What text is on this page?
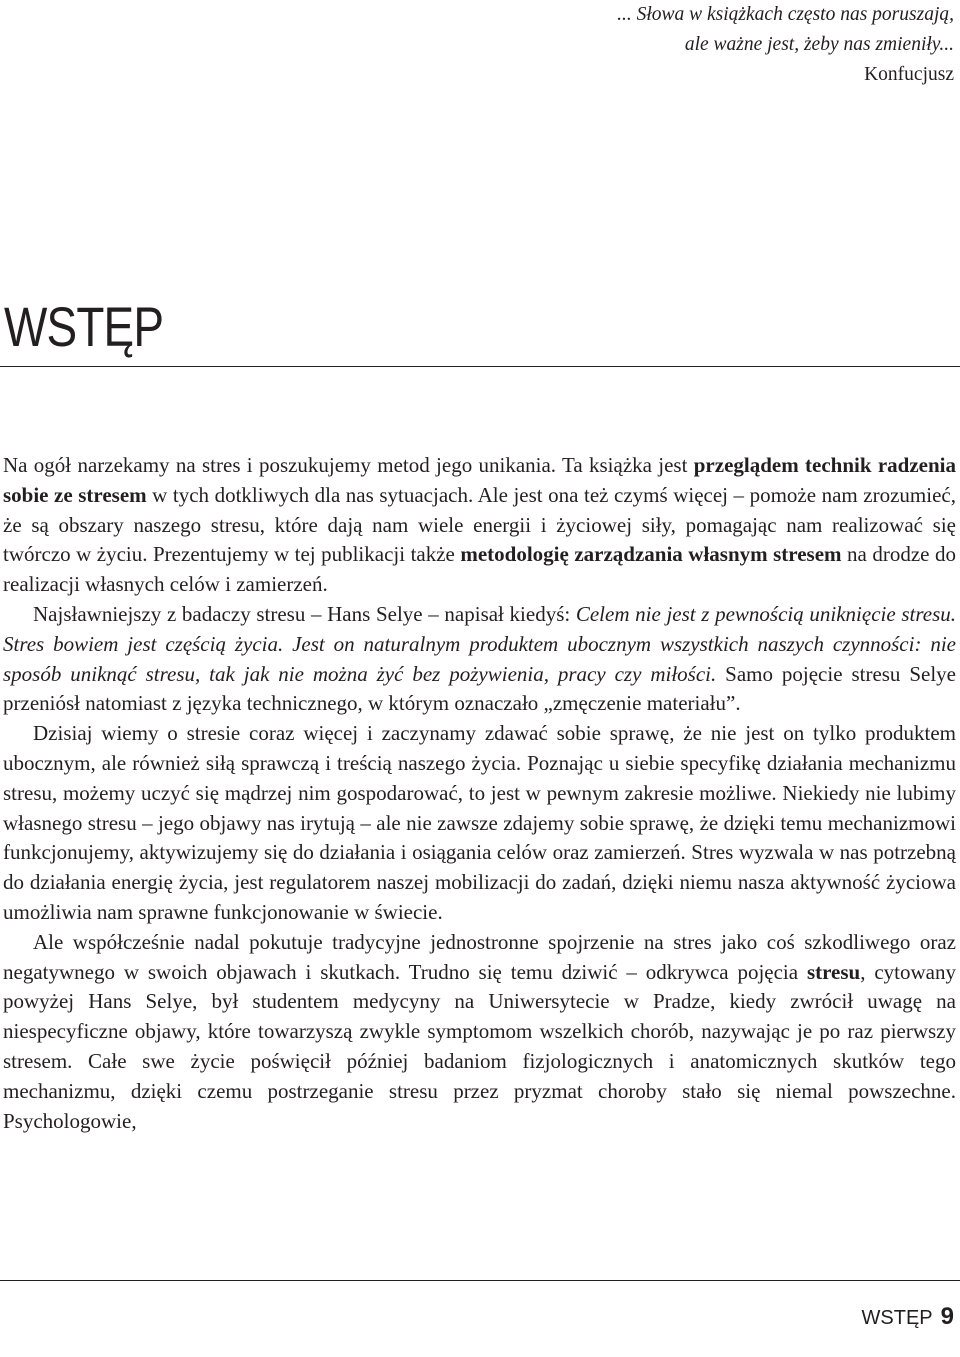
... Słowa w książkach często nas poruszają,
ale ważne jest, żeby nas zmieniły...

Konfucjusz
WSTĘP

Na ogół narzekamy na stres i poszukujemy metod jego unikania. Ta książka jest przeglądem technik radzenia sobie ze stresem w tych dotkliwych dla nas sytuacjach. Ale jest ona też czymś więcej – pomoże nam zrozumieć, że są obszary naszego stresu, które dają nam wiele energii i życiowej siły, pomagając nam realizować się twórczo w życiu. Prezentujemy w tej publikacji także metodologię zarządzania własnym stresem na drodze do realizacji własnych celów i zamierzeń.

Najsławniejszy z badaczy stresu – Hans Selye – napisał kiedyś: Celem nie jest z pewnością uniknięcie stresu. Stres bowiem jest częścią życia. Jest on naturalnym produktem ubocznym wszystkich naszych czynności: nie sposób uniknąć stresu, tak jak nie można żyć bez pożywienia, pracy czy miłości. Samo pojęcie stresu Selye przeniósł natomiast z języka technicznego, w którym oznaczało „zmęczenie materiału”.

Dzisiaj wiemy o stresie coraz więcej i zaczynamy zdawać sobie sprawę, że nie jest on tylko produktem ubocznym, ale również siłą sprawczą i treścią naszego życia. Poznając u siebie specyfikę działania mechanizmu stresu, możemy uczyć się mądrzej nim gospodarować, to jest w pewnym zakresie możliwe. Niekiedy nie lubimy własnego stresu – jego objawy nas irytują – ale nie zawsze zdajemy sobie sprawę, że dzięki temu mechanizmowi funkcjonujemy, aktywizujemy się do działania i osiągania celów oraz zamierzeń. Stres wyzwala w nas potrzebną do działania energię życia, jest regulatorem naszej mobilizacji do zadań, dzięki niemu nasza aktywność życiowa umożliwia nam sprawne funkcjonowanie w świecie.

Ale współcześnie nadal pokutuje tradycyjne jednostronne spojrzenie na stres jako coś szkodliwego oraz negatywnego w swoich objawach i skutkach. Trudno się temu dziwić – odkrywca pojęcia stresu, cytowany powyżej Hans Selye, był studentem medycyny na Uniwersytecie w Pradze, kiedy zwrócił uwagę na niespecyficzne objawy, które towarzyszą zwykle symptomom wszelkich chorób, nazywając je po raz pierwszy stresem. Całe swe życie poświęcił później badaniom fizjologicznych i anatomicznych skutków tego mechanizmu, dzięki czemu postrzeganie stresu przez pryzmat choroby stało się niemal powszechne. Psychologowie,

WSTĘP 9
